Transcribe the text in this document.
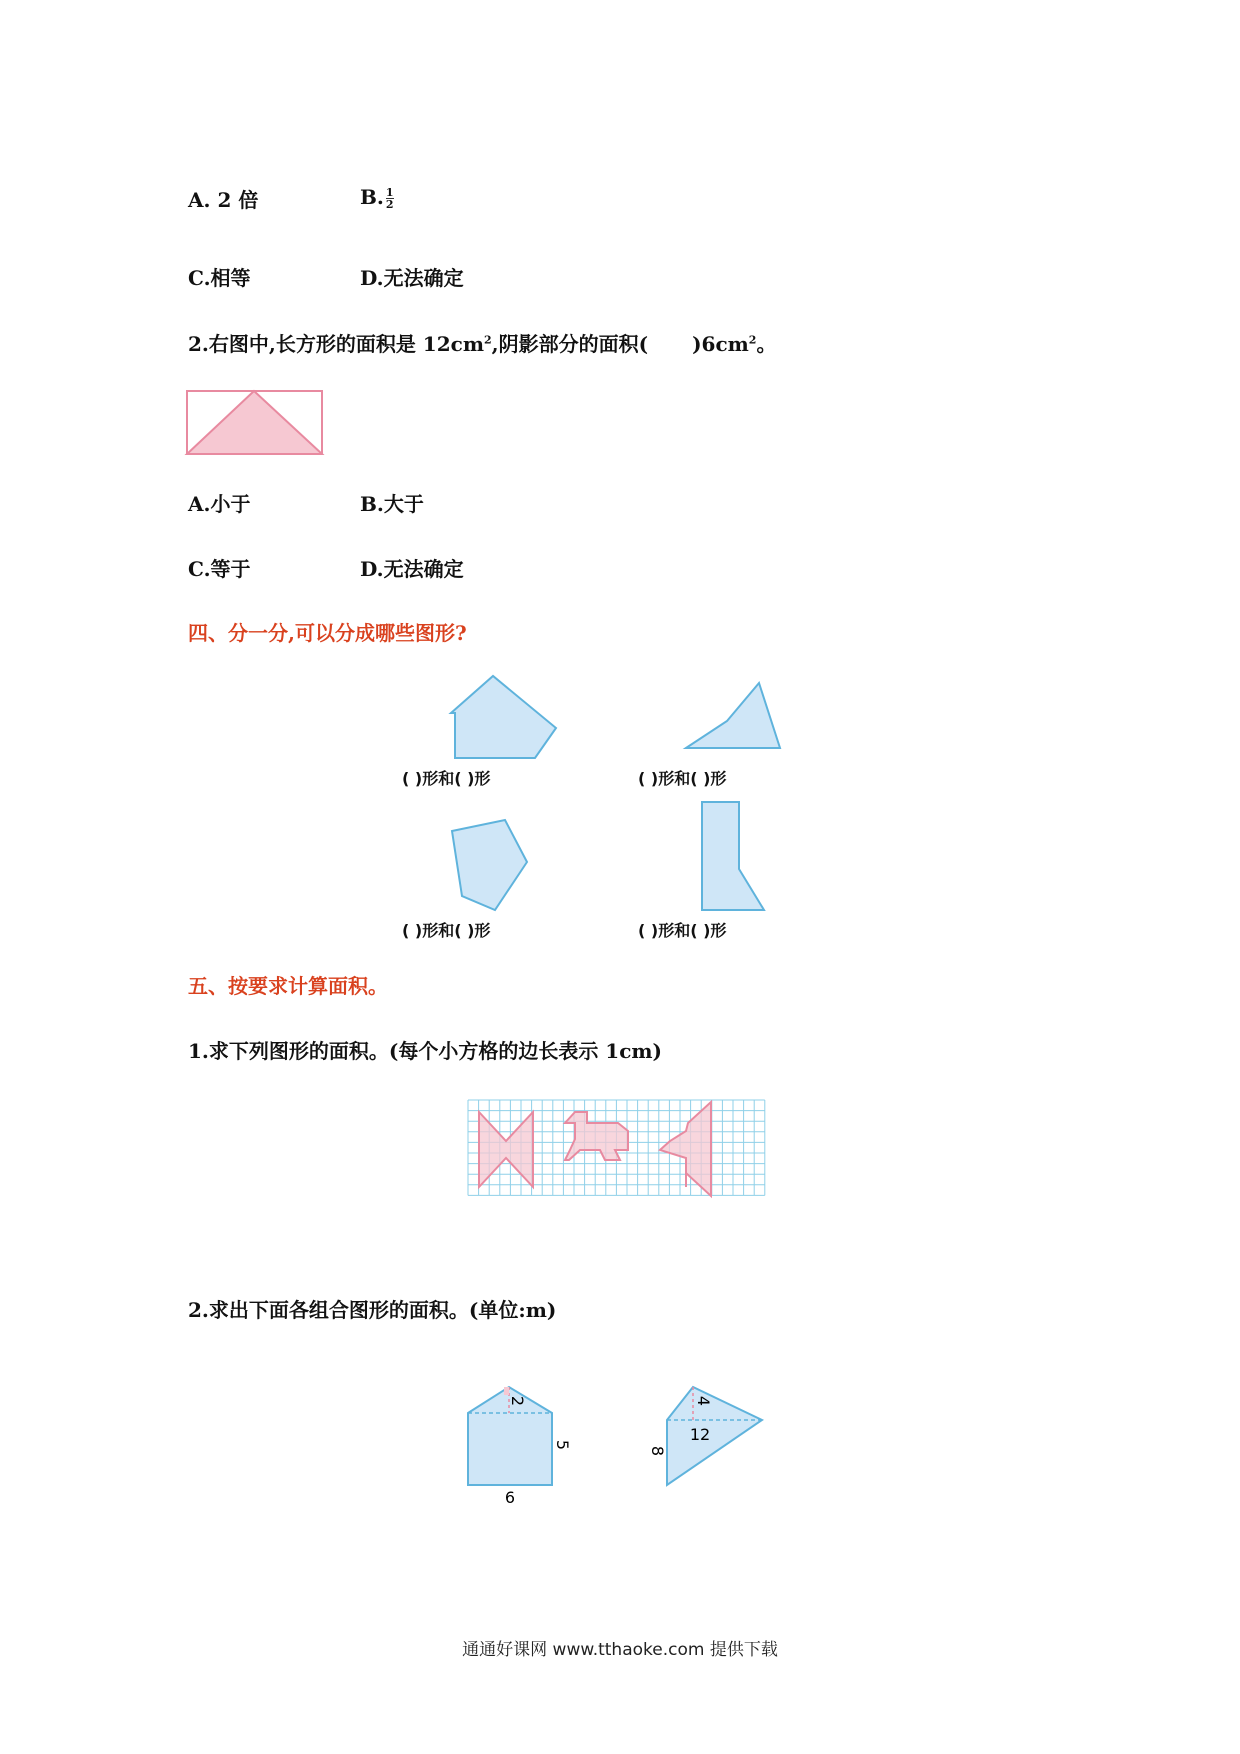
A. 2 倍	B. $\frac{1}{2}$
C.相等	D.无法确定
2.右图中,长方形的面积是 $12cm^2$,阴影部分的面积( )$6cm^2$。
A.小于	B.大于
C.等于	D.无法确定
四、分一分,可以分成哪些图形?
( )形和( )形	( )形和( )形
( )形和( )形	( )形和( )形
五、按要求计算面积。
1.求下列图形的面积。(每个小方格的边长表示 1cm)
2.求出下面各组合图形的面积。(单位:m)
2
5
6
4
12
8
通通好课网 www.tthaoke.com 提供下载
